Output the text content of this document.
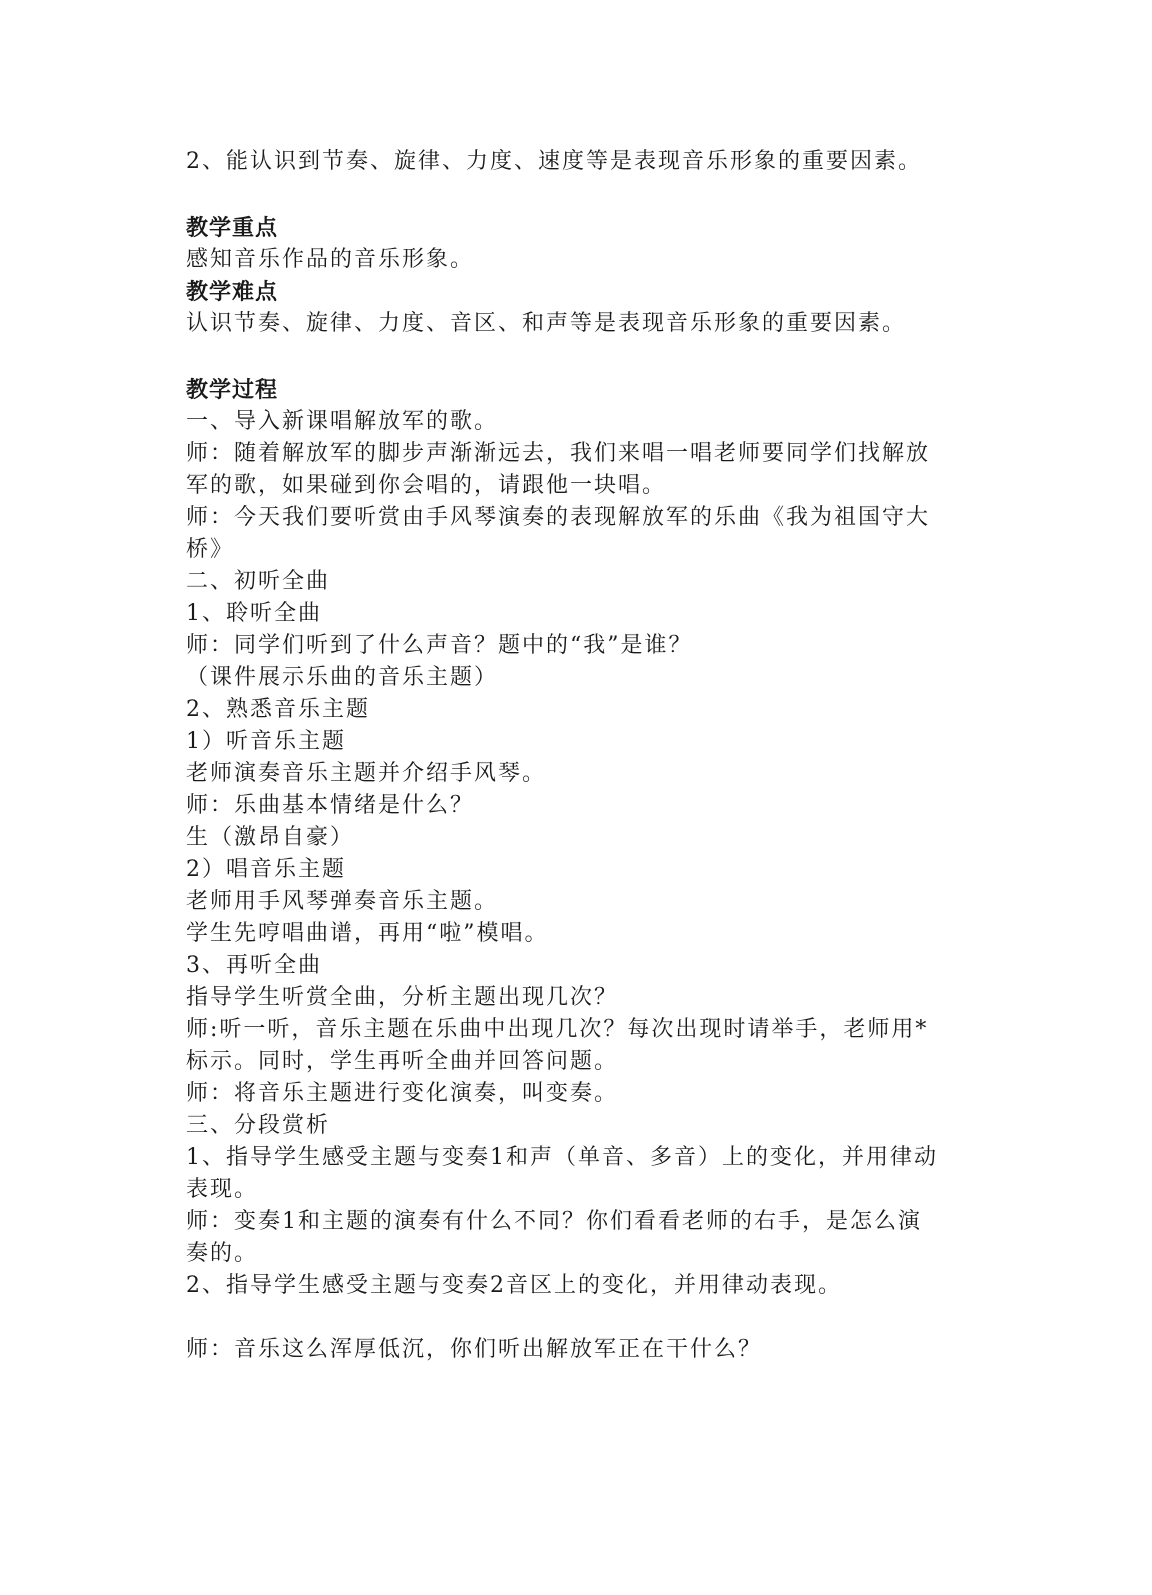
2、能认识到节奏、旋律、力度、速度等是表现音乐形象的重要因素。
教学重点
感知音乐作品的音乐形象。
教学难点
认识节奏、旋律、力度、音区、和声等是表现音乐形象的重要因素。
教学过程
一、导入新课唱解放军的歌。
师：随着解放军的脚步声渐渐远去，我们来唱一唱老师要同学们找解放
军的歌，如果碰到你会唱的，请跟他一块唱。
师：今天我们要听赏由手风琴演奏的表现解放军的乐曲《我为祖国守大
桥》
二、初听全曲
1、聆听全曲
师：同学们听到了什么声音？题中的“我”是谁？
（课件展示乐曲的音乐主题）
2、熟悉音乐主题
1）听音乐主题
老师演奏音乐主题并介绍手风琴。
师：乐曲基本情绪是什么？
生（激昂自豪）
2）唱音乐主题
老师用手风琴弹奏音乐主题。
学生先哼唱曲谱，再用“啦”模唱。
3、再听全曲
指导学生听赏全曲，分析主题出现几次？
师:听一听，音乐主题在乐曲中出现几次？每次出现时请举手，老师用*
标示。同时，学生再听全曲并回答问题。
师：将音乐主题进行变化演奏，叫变奏。
三、分段赏析
1、指导学生感受主题与变奏1和声（单音、多音）上的变化，并用律动
表现。
师：变奏1和主题的演奏有什么不同？你们看看老师的右手，是怎么演
奏的。
2、指导学生感受主题与变奏2音区上的变化，并用律动表现。
师：音乐这么浑厚低沉，你们听出解放军正在干什么？
